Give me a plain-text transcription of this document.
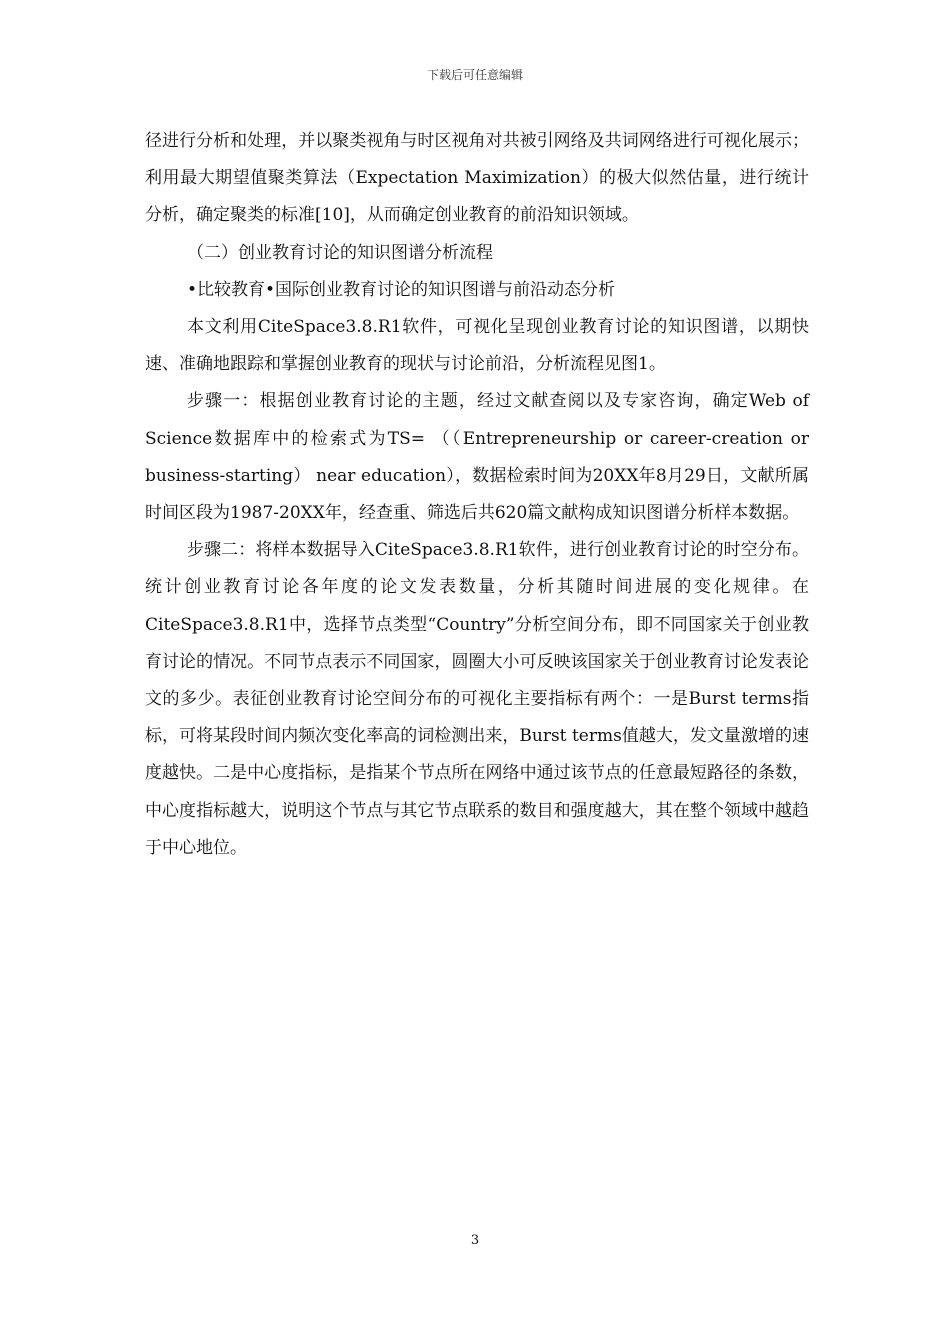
下载后可任意编辑

径进行分析和处理，并以聚类视角与时区视角对共被引网络及共词网络进行可视化展示；利用最大期望值聚类算法（Expectation Maximization）的极大似然估量，进行统计分析，确定聚类的标准[10]，从而确定创业教育的前沿知识领域。

（二）创业教育讨论的知识图谱分析流程

•比较教育•国际创业教育讨论的知识图谱与前沿动态分析

本文利用CiteSpace3.8.R1软件，可视化呈现创业教育讨论的知识图谱，以期快速、准确地跟踪和掌握创业教育的现状与讨论前沿，分析流程见图1。

步骤一：根据创业教育讨论的主题，经过文献查阅以及专家咨询，确定Web of Science数据库中的检索式为TS= （（Entrepreneurship or career-creation or business-starting） near education），数据检索时间为20XX年8月29日，文献所属时间区段为1987-20XX年，经查重、筛选后共620篇文献构成知识图谱分析样本数据。

步骤二：将样本数据导入CiteSpace3.8.R1软件，进行创业教育讨论的时空分布。统计创业教育讨论各年度的论文发表数量，分析其随时间进展的变化规律。在CiteSpace3.8.R1中，选择节点类型“Country”分析空间分布，即不同国家关于创业教育讨论的情况。不同节点表示不同国家，圆圈大小可反映该国家关于创业教育讨论发表论文的多少。表征创业教育讨论空间分布的可视化主要指标有两个：一是Burst terms指标，可将某段时间内频次变化率高的词检测出来，Burst terms值越大，发文量激增的速度越快。二是中心度指标，是指某个节点所在网络中通过该节点的任意最短路径的条数，中心度指标越大，说明这个节点与其它节点联系的数目和强度越大，其在整个领域中越趋于中心地位。

3
